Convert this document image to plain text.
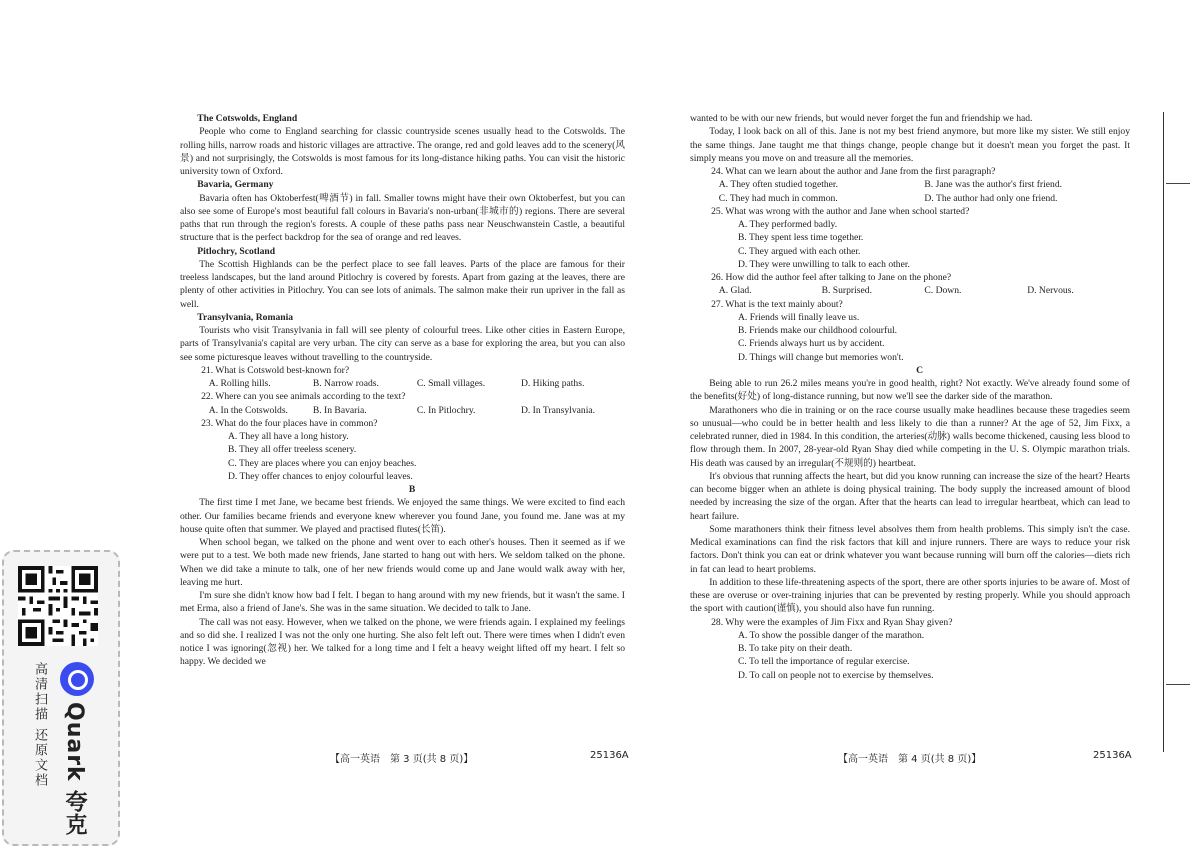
The Cotswolds, England

People who come to England searching for classic countryside scenes usually head to the Cotswolds. The rolling hills, narrow roads and historic villages are attractive. The orange, red and gold leaves add to the scenery(风景) and not surprisingly, the Cotswolds is most famous for its long-distance hiking paths. You can visit the historic university town of Oxford.

Bavaria, Germany

Bavaria often has Oktoberfest(啤酒节) in fall. Smaller towns might have their own Oktoberfest, but you can also see some of Europe's most beautiful fall colours in Bavaria's non-urban(非城市的) regions. There are several paths that run through the region's forests. A couple of these paths pass near Neuschwanstein Castle, a beautiful structure that is the perfect backdrop for the sea of orange and red leaves.

Pitlochry, Scotland

The Scottish Highlands can be the perfect place to see fall leaves. Parts of the place are famous for their treeless landscapes, but the land around Pitlochry is covered by forests. Apart from gazing at the leaves, there are plenty of other activities in Pitlochry. You can see lots of animals. The salmon make their run upriver in the fall as well.

Transylvania, Romania

Tourists who visit Transylvania in fall will see plenty of colourful trees. Like other cities in Eastern Europe, parts of Transylvania's capital are very urban. The city can serve as a base for exploring the area, but you can also see some picturesque leaves without travelling to the countryside.

21. What is Cotswold best-known for?

A. Rolling hills.	B. Narrow roads.	C. Small villages.	D. Hiking paths.

22. Where can you see animals according to the text?

A. In the Cotswolds.	B. In Bavaria.	C. In Pitlochry.	D. In Transylvania.

23. What do the four places have in common?

A. They all have a long history.

B. They all offer treeless scenery.

C. They are places where you can enjoy beaches.

D. They offer chances to enjoy colourful leaves.

B

The first time I met Jane, we became best friends. We enjoyed the same things. We were excited to find each other. Our families became friends and everyone knew wherever you found Jane, you found me. Jane was at my house quite often that summer. We played and practised flutes(长笛).

When school began, we talked on the phone and went over to each other's houses. Then it seemed as if we were put to a test. We both made new friends, Jane started to hang out with hers. We seldom talked on the phone. When we did take a minute to talk, one of her new friends would come up and Jane would walk away with her, leaving me hurt.

I'm sure she didn't know how bad I felt. I began to hang around with my new friends, but it wasn't the same. I met Erma, also a friend of Jane's. She was in the same situation. We decided to talk to Jane.

The call was not easy. However, when we talked on the phone, we were friends again. I explained my feelings and so did she. I realized I was not the only one hurting. She also felt left out. There were times when I didn't even notice I was ignoring(忽视) her. We talked for a long time and I felt a heavy weight lifted off my heart. I felt so happy. We decided we

wanted to be with our new friends, but would never forget the fun and friendship we had.

Today, I look back on all of this. Jane is not my best friend anymore, but more like my sister. We still enjoy the same things. Jane taught me that things change, people change but it doesn't mean you forget the past. It simply means you move on and treasure all the memories.

24. What can we learn about the author and Jane from the first paragraph?

A. They often studied together.	B. Jane was the author's first friend.
C. They had much in common.	D. The author had only one friend.

25. What was wrong with the author and Jane when school started?

A. They performed badly.

B. They spent less time together.

C. They argued with each other.

D. They were unwilling to talk to each other.

26. How did the author feel after talking to Jane on the phone?

A. Glad.	B. Surprised.	C. Down.	D. Nervous.

27. What is the text mainly about?

A. Friends will finally leave us.

B. Friends make our childhood colourful.

C. Friends always hurt us by accident.

D. Things will change but memories won't.

C

Being able to run 26.2 miles means you're in good health, right? Not exactly. We've already found some of the benefits(好处) of long-distance running, but now we'll see the darker side of the marathon.

Marathoners who die in training or on the race course usually make headlines because these tragedies seem so unusual—who could be in better health and less likely to die than a runner? At the age of 52, Jim Fixx, a celebrated runner, died in 1984. In this condition, the arteries(动脉) walls become thickened, causing less blood to flow through them. In 2007, 28-year-old Ryan Shay died while competing in the U. S. Olympic marathon trials. His death was caused by an irregular(不规则的) heartbeat.

It's obvious that running affects the heart, but did you know running can increase the size of the heart? Hearts can become bigger when an athlete is doing physical training. The body supply the increased amount of blood needed by increasing the size of the organ. After that the hearts can lead to irregular heartbeat, which can lead to heart failure.

Some marathoners think their fitness level absolves them from health problems. This simply isn't the case. Medical examinations can find the risk factors that kill and injure runners. There are ways to reduce your risk factors. Don't think you can eat or drink whatever you want because running will burn off the calories—diets rich in fat can lead to heart problems.

In addition to these life-threatening aspects of the sport, there are other sports injuries to be aware of. Most of these are overuse or over-training injuries that can be prevented by resting properly. While you should approach the sport with caution(谨慎), you should also have fun running.

28. Why were the examples of Jim Fixx and Ryan Shay given?

A. To show the possible danger of the marathon.

B. To take pity on their death.

C. To tell the importance of regular exercise.

D. To call on people not to exercise by themselves.

【高一英语　第 3 页(共 8 页)】	25136A	【高一英语　第 4 页(共 8 页)】	25136A
Quark 夸克
高清扫描 还原文档
